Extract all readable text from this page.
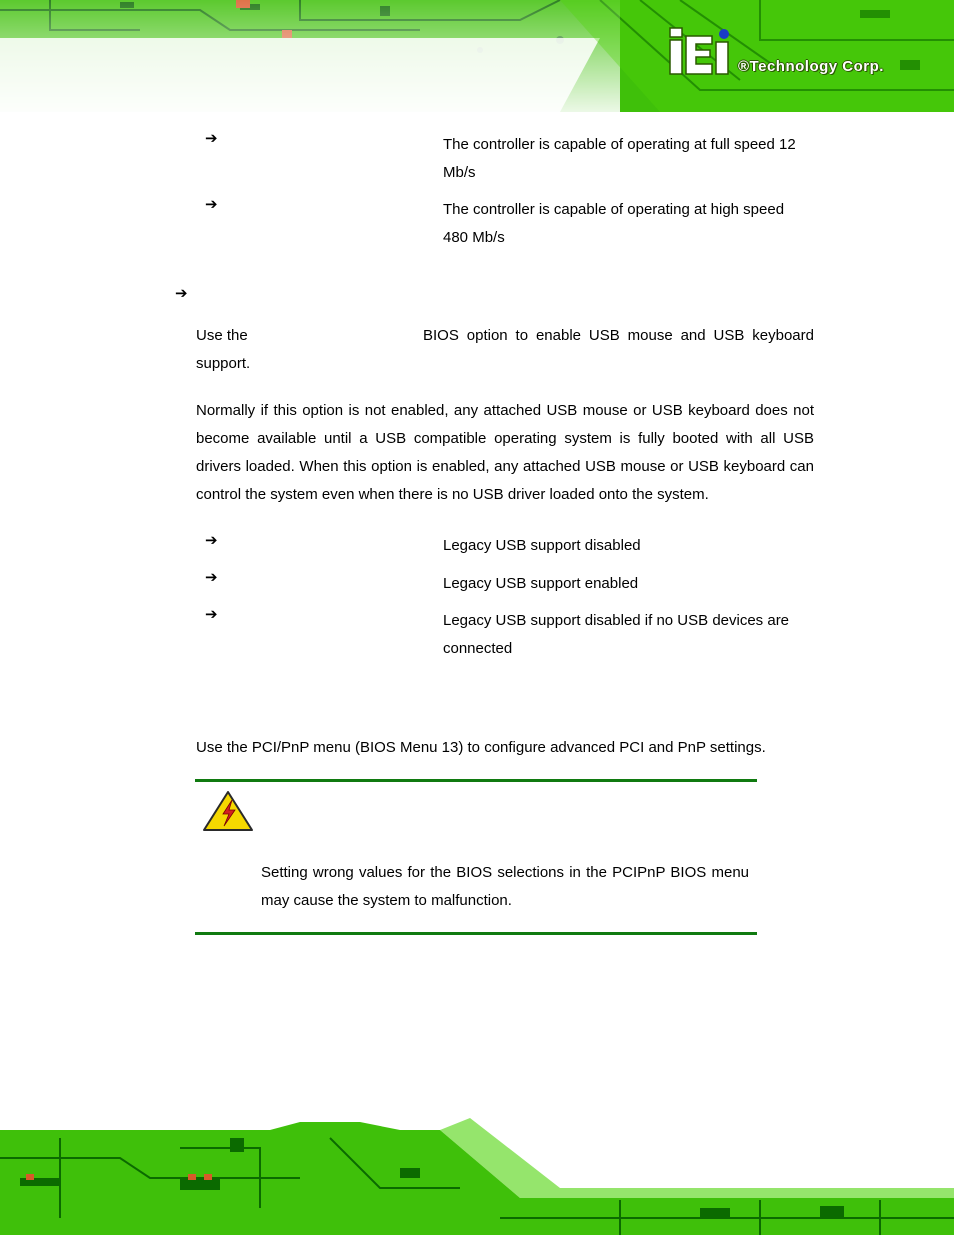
®Technology Corp.
➔	The controller is capable of operating at full speed 12 Mb/s
➔	The controller is capable of operating at high speed 480 Mb/s
➔
Use the	BIOS option to enable USB mouse and USB keyboard support.
Normally if this option is not enabled, any attached USB mouse or USB keyboard does not become available until a USB compatible operating system is fully booted with all USB drivers loaded. When this option is enabled, any attached USB mouse or USB keyboard can control the system even when there is no USB driver loaded onto the system.
➔	Legacy USB support disabled
➔	Legacy USB support enabled
➔	Legacy USB support disabled if no USB devices are connected
Use the PCI/PnP menu (BIOS Menu 13) to configure advanced PCI and PnP settings.
Setting wrong values for the BIOS selections in the PCIPnP BIOS menu may cause the system to malfunction.
